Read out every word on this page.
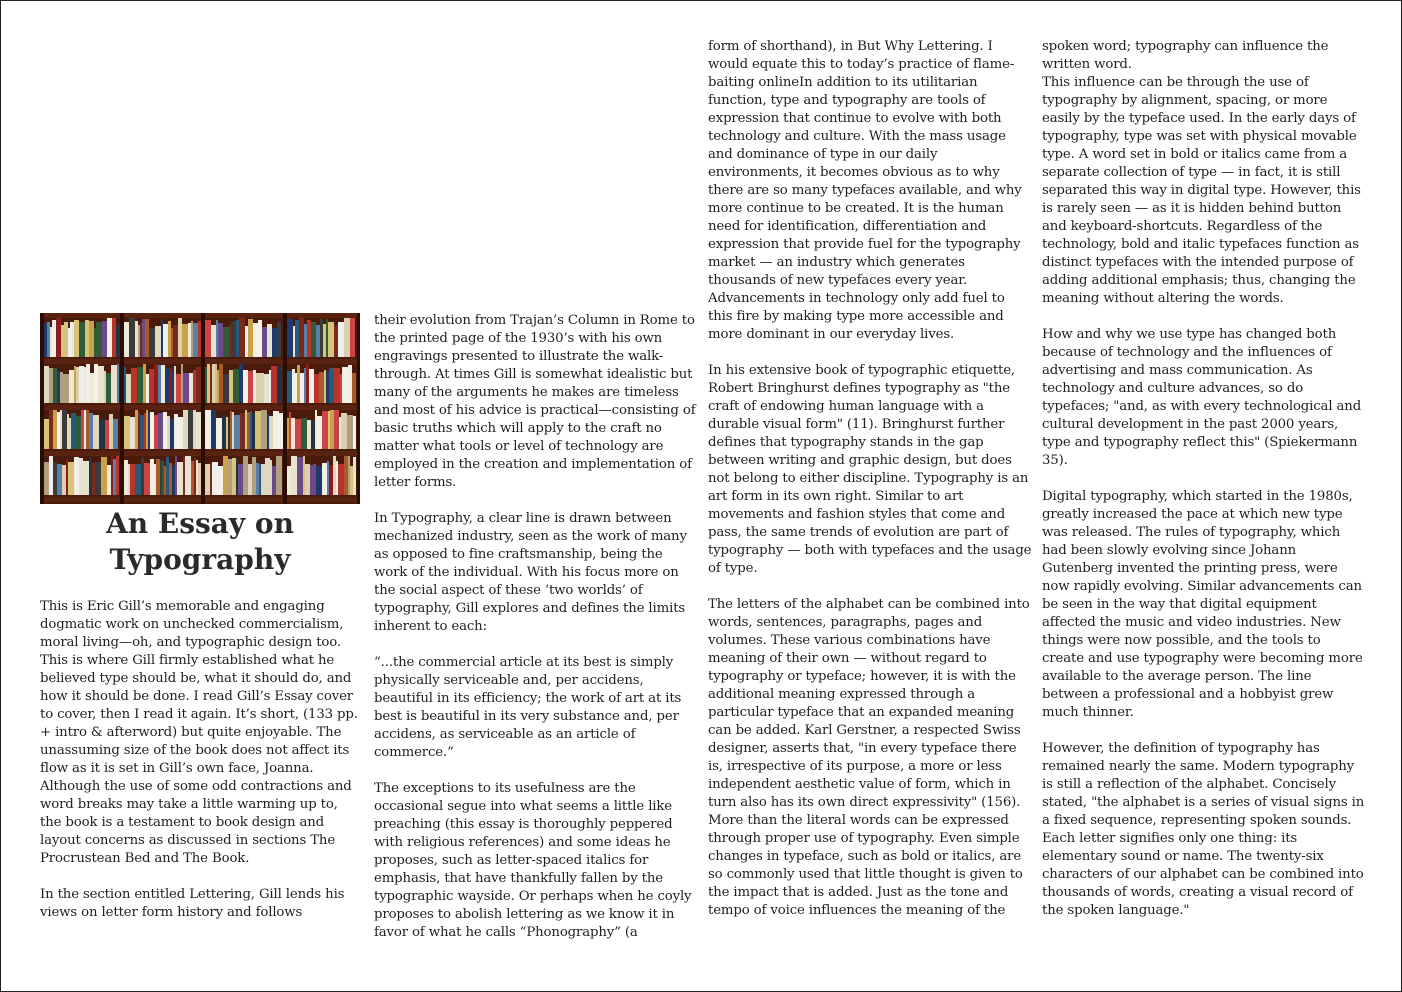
An Essay on Typography

This is Eric Gill’s memorable and engaging dogmatic work on unchecked commercialism, moral living—oh, and typographic design too. This is where Gill firmly established what he believed type should be, what it should do, and how it should be done. I read Gill’s Essay cover to cover, then I read it again. It’s short, (133 pp. + intro & afterword) but quite enjoyable. The unassuming size of the book does not affect its flow as it is set in Gill’s own face, Joanna. Although the use of some odd contractions and word breaks may take a little warming up to, the book is a testament to book design and layout concerns as discussed in sections The Procrustean Bed and The Book.

In the section entitled Lettering, Gill lends his views on letter form history and follows

their evolution from Trajan’s Column in Rome to the printed page of the 1930’s with his own engravings presented to illustrate the walk-through. At times Gill is somewhat idealistic but many of the arguments he makes are timeless and most of his advice is practical—consisting of basic truths which will apply to the craft no matter what tools or level of technology are employed in the creation and implementation of letter forms.

In Typography, a clear line is drawn between mechanized industry, seen as the work of many as opposed to fine craftsmanship, being the work of the individual. With his focus more on the social aspect of these ‘two worlds’ of typography, Gill explores and defines the limits inherent to each:

“...the commercial article at its best is simply physically serviceable and, per accidens, beautiful in its efficiency; the work of art at its best is beautiful in its very substance and, per accidens, as serviceable as an article of commerce.”

The exceptions to its usefulness are the occasional segue into what seems a little like preaching (this essay is thoroughly peppered with religious references) and some ideas he proposes, such as letter-spaced italics for emphasis, that have thankfully fallen by the typographic wayside. Or perhaps when he coyly proposes to abolish lettering as we know it in favor of what he calls “Phonography” (a

form of shorthand), in But Why Lettering. I would equate this to today’s practice of flame-baiting onlineIn addition to its utilitarian function, type and typography are tools of expression that continue to evolve with both technology and culture. With the mass usage and dominance of type in our daily environments, it becomes obvious as to why there are so many typefaces available, and why more continue to be created. It is the human need for identification, differentiation and expression that provide fuel for the typography market — an industry which generates thousands of new typefaces every year. Advancements in technology only add fuel to this fire by making type more accessible and more dominant in our everyday lives.

In his extensive book of typographic etiquette, Robert Bringhurst defines typography as "the craft of endowing human language with a durable visual form" (11). Bringhurst further defines that typography stands in the gap between writing and graphic design, but does not belong to either discipline. Typography is an art form in its own right. Similar to art movements and fashion styles that come and pass, the same trends of evolution are part of typography — both with typefaces and the usage of type.

The letters of the alphabet can be combined into words, sentences, paragraphs, pages and volumes. These various combinations have meaning of their own — without regard to typography or typeface; however, it is with the additional meaning expressed through a particular typeface that an expanded meaning can be added. Karl Gerstner, a respected Swiss designer, asserts that, "in every typeface there is, irrespective of its purpose, a more or less independent aesthetic value of form, which in turn also has its own direct expressivity" (156). More than the literal words can be expressed through proper use of typography. Even simple changes in typeface, such as bold or italics, are so commonly used that little thought is given to the impact that is added. Just as the tone and tempo of voice influences the meaning of the

spoken word; typography can influence the written word.

This influence can be through the use of typography by alignment, spacing, or more easily by the typeface used. In the early days of typography, type was set with physical movable type. A word set in bold or italics came from a separate collection of type — in fact, it is still separated this way in digital type. However, this is rarely seen — as it is hidden behind button and keyboard-shortcuts. Regardless of the technology, bold and italic typefaces function as distinct typefaces with the intended purpose of adding additional emphasis; thus, changing the meaning without altering the words.

How and why we use type has changed both because of technology and the influences of advertising and mass communication. As technology and culture advances, so do typefaces; "and, as with every technological and cultural development in the past 2000 years, type and typography reflect this" (Spiekermann 35).

Digital typography, which started in the 1980s, greatly increased the pace at which new type was released. The rules of typography, which had been slowly evolving since Johann Gutenberg invented the printing press, were now rapidly evolving. Similar advancements can be seen in the way that digital equipment affected the music and video industries. New things were now possible, and the tools to create and use typography were becoming more available to the average person. The line between a professional and a hobbyist grew much thinner.

However, the definition of typography has remained nearly the same. Modern typography is still a reflection of the alphabet. Concisely stated, "the alphabet is a series of visual signs in a fixed sequence, representing spoken sounds. Each letter signifies only one thing: its elementary sound or name. The twenty-six characters of our alphabet can be combined into thousands of words, creating a visual record of the spoken language."
